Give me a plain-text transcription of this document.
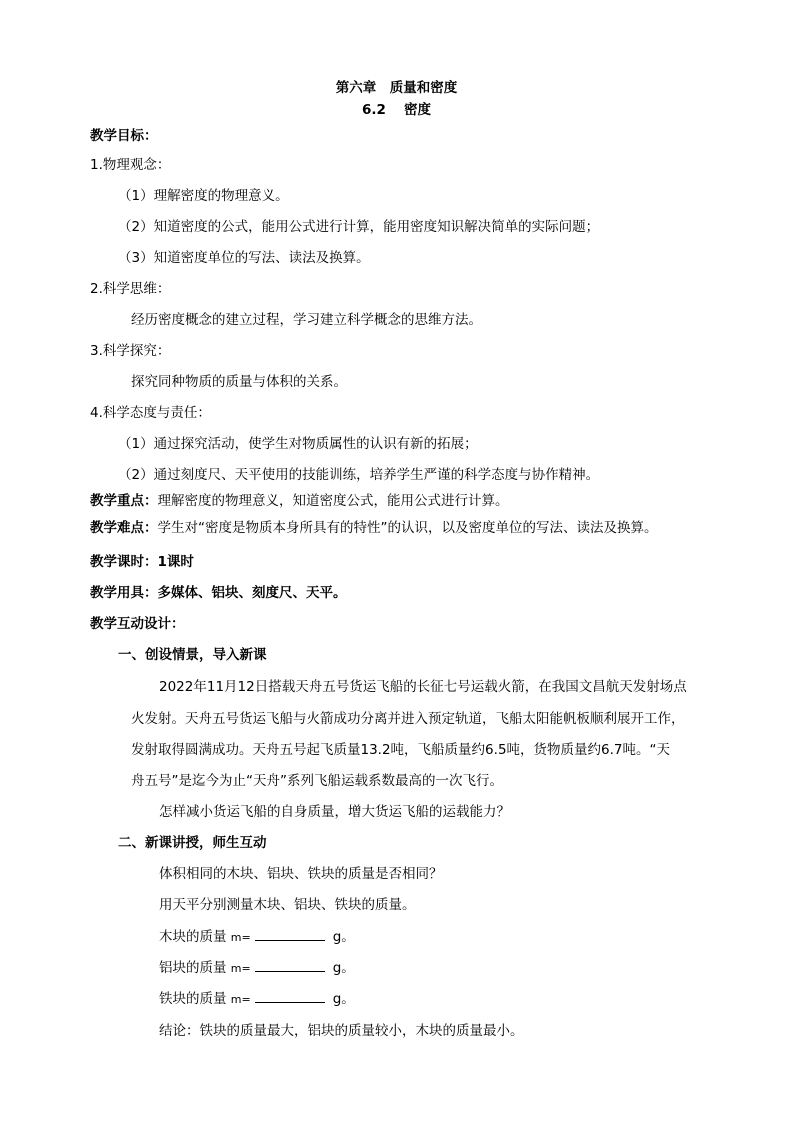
第六章　质量和密度
6.2　 密度
教学目标：
1.物理观念：
（1）理解密度的物理意义。
（2）知道密度的公式，能用公式进行计算，能用密度知识解决简单的实际问题；
（3）知道密度单位的写法、读法及换算。
2.科学思维：
经历密度概念的建立过程，学习建立科学概念的思维方法。
3.科学探究：
探究同种物质的质量与体积的关系。
4.科学态度与责任：
（1）通过探究活动，使学生对物质属性的认识有新的拓展；
（2）通过刻度尺、天平使用的技能训练，培养学生严谨的科学态度与协作精神。
教学重点：理解密度的物理意义，知道密度公式，能用公式进行计算。
教学难点：学生对“密度是物质本身所具有的特性”的认识，以及密度单位的写法、读法及换算。
教学课时：1课时
教学用具：多媒体、铝块、刻度尺、天平。
教学互动设计：
一、创设情景，导入新课
2022年11月12日搭载天舟五号货运飞船的长征七号运载火箭，在我国文昌航天发射场点
火发射。天舟五号货运飞船与火箭成功分离并进入预定轨道，飞船太阳能帆板顺利展开工作，
发射取得圆满成功。天舟五号起飞质量13.2吨，飞船质量约6.5吨，货物质量约6.7吨。“天
舟五号”是迄今为止“天舟”系列飞船运载系数最高的一次飞行。
怎样减小货运飞船的自身质量，增大货运飞船的运载能力？
二、新课讲授，师生互动
体积相同的木块、铝块、铁块的质量是否相同？
用天平分别测量木块、铝块、铁块的质量。
木块的质量 m=	g。
铝块的质量 m=	g。
铁块的质量 m=	g。
结论：铁块的质量最大，铝块的质量较小，木块的质量最小。
